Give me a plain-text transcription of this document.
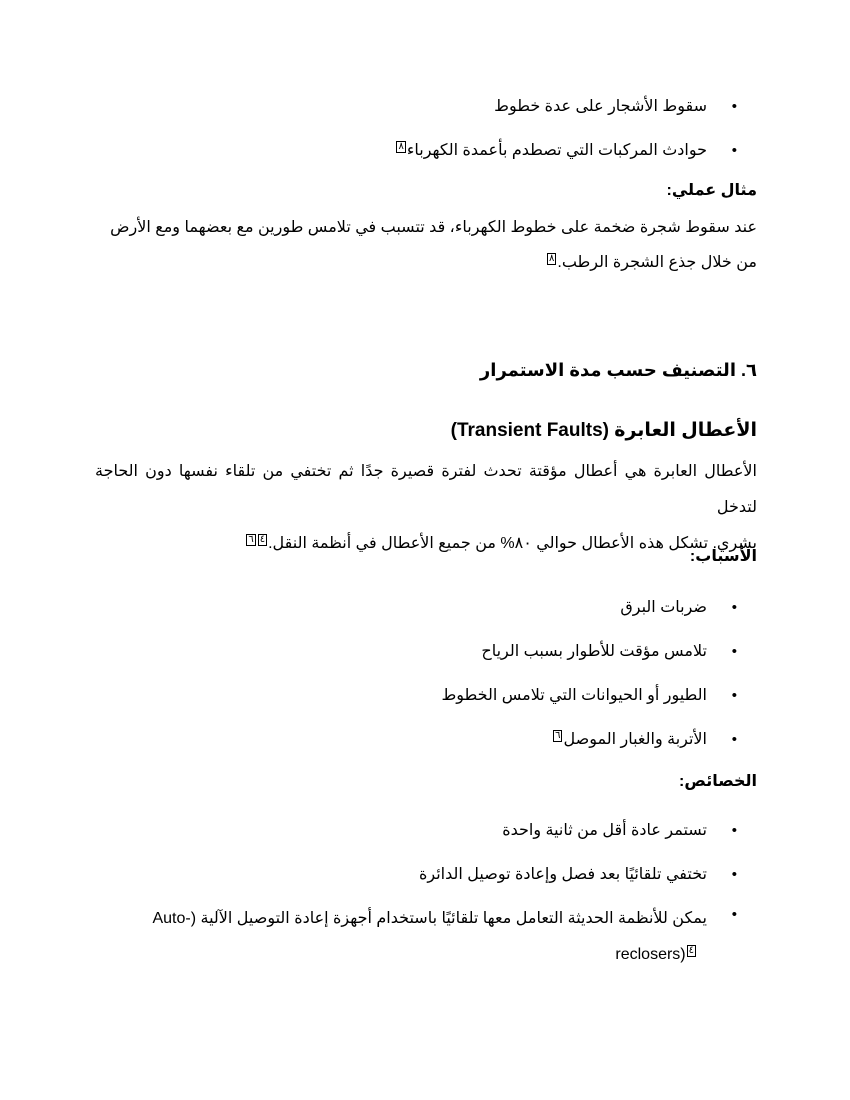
• سقوط الأشجار على عدة خطوط
• حوادث المركبات التي تصطدم بأعمدة الكهرباء٨

مثال عملي:

عند سقوط شجرة ضخمة على خطوط الكهرباء، قد تتسبب في تلامس طورين مع بعضهما ومع الأرض
من خلال جذع الشجرة الرطب.٨

٦. التصنيف حسب مدة الاستمرار

الأعطال العابرة (Transient Faults)

الأعطال العابرة هي أعطال مؤقتة تحدث لفترة قصيرة جدًا ثم تختفي من تلقاء نفسها دون الحاجة لتدخل
بشري. تشكل هذه الأعطال حوالي ٨٠% من جميع الأعطال في أنظمة النقل.٤٦

الأسباب:

• ضربات البرق
• تلامس مؤقت للأطوار بسبب الرياح
• الطيور أو الحيوانات التي تلامس الخطوط
• الأتربة والغبار الموصل٦

الخصائص:

• تستمر عادة أقل من ثانية واحدة
• تختفي تلقائيًا بعد فصل وإعادة توصيل الدائرة
•
يمكن للأنظمة الحديثة التعامل معها تلقائيًا باستخدام أجهزة إعادة التوصيل الآلية (-Auto
٤reclosers)
